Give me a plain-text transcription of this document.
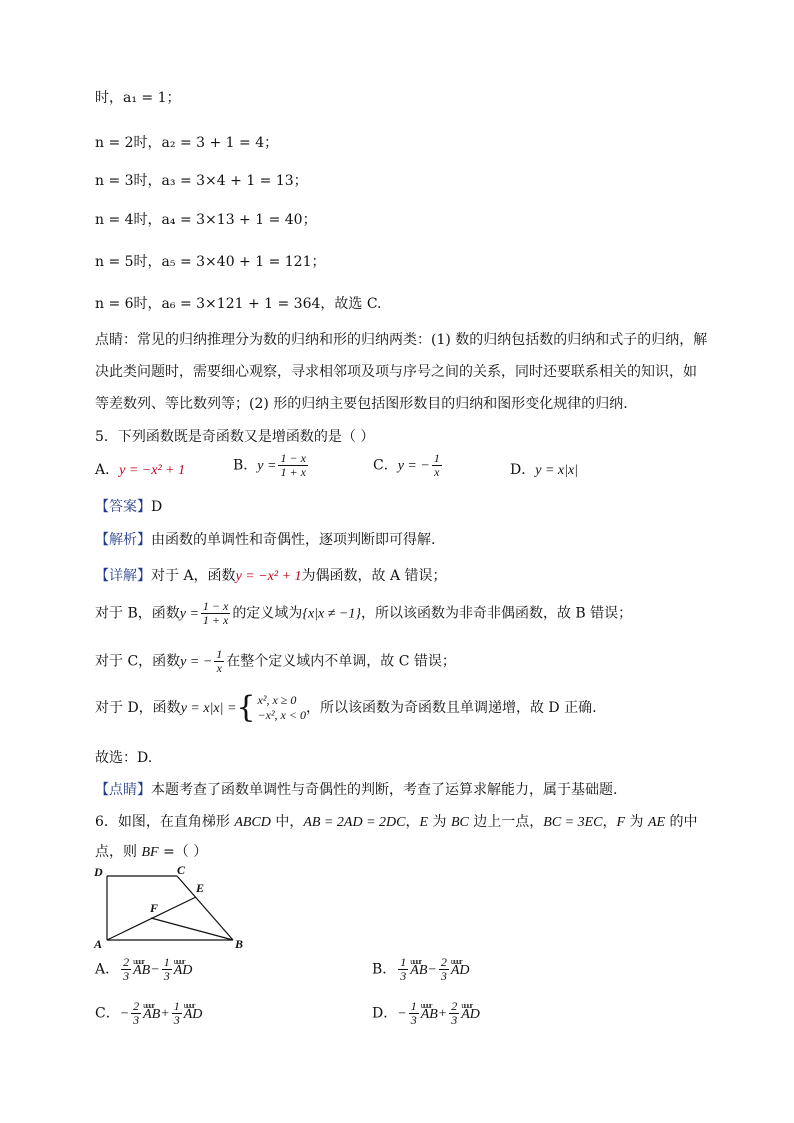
时，a₁ = 1；
n = 2时，a₂ = 3 + 1 = 4；
n = 3时，a₃ = 3×4 + 1 = 13；
n = 4时，a₄ = 3×13 + 1 = 40；
n = 5时，a₅ = 3×40 + 1 = 121；
n = 6时，a₆ = 3×121 + 1 = 364，故选 C.
点睛：常见的归纳推理分为数的归纳和形的归纳两类：(1) 数的归纳包括数的归纳和式子的归纳，解
决此类问题时，需要细心观察，寻求相邻项及项与序号之间的关系，同时还要联系相关的知识，如
等差数列、等比数列等；(2) 形的归纳主要包括图形数目的归纳和图形变化规律的归纳.
5．下列函数既是奇函数又是增函数的是（ ）
A．y = −x² + 1	B．$y = \frac{1 - x}{1 + x}$	C．y = − $\frac{1}{x}$	D．y = x|x|
【答案】D
【解析】由函数的单调性和奇偶性，逐项判断即可得解.
【详解】对于 A，函数y = −x² + 1为偶函数，故 A 错误；
对于 B，函数$y = \frac{1 - x}{1 + x}$ 的定义域为{x|x ≠ −1}，所以该函数为非奇非偶函数，故 B 错误；
对于 C，函数y = − $\frac{1}{x}$ 在整个定义域内不单调，故 C 错误；
对于 D，函数y = x|x| ={ x², x ≥ 0
−x², x < 0 ，所以该函数为奇函数且单调递增，故 D 正确.
故选：D.
【点睛】本题考查了函数单调性与奇偶性的判断，考查了运算求解能力，属于基础题.
6．如图，在直角梯形 ABCD 中，AB = 2AD = 2DC，E 为 BC 边上一点，BC = 3EC，F 为 AE 的中
点，则 BF =（ ）
D	C
E
F
A	B
A． $\frac{2}{3}$ uuur $AB- \frac{1}{3}$ uuur AD	B． $\frac{1}{3}$ uuur $AB- \frac{2}{3}$ uuur AD
C．− $\frac{2}{3}$ uuur $AB+ \frac{1}{3}$ uuur AD	D．− $\frac{1}{3}$ uuur $AB+ \frac{2}{3}$ uuur AD
